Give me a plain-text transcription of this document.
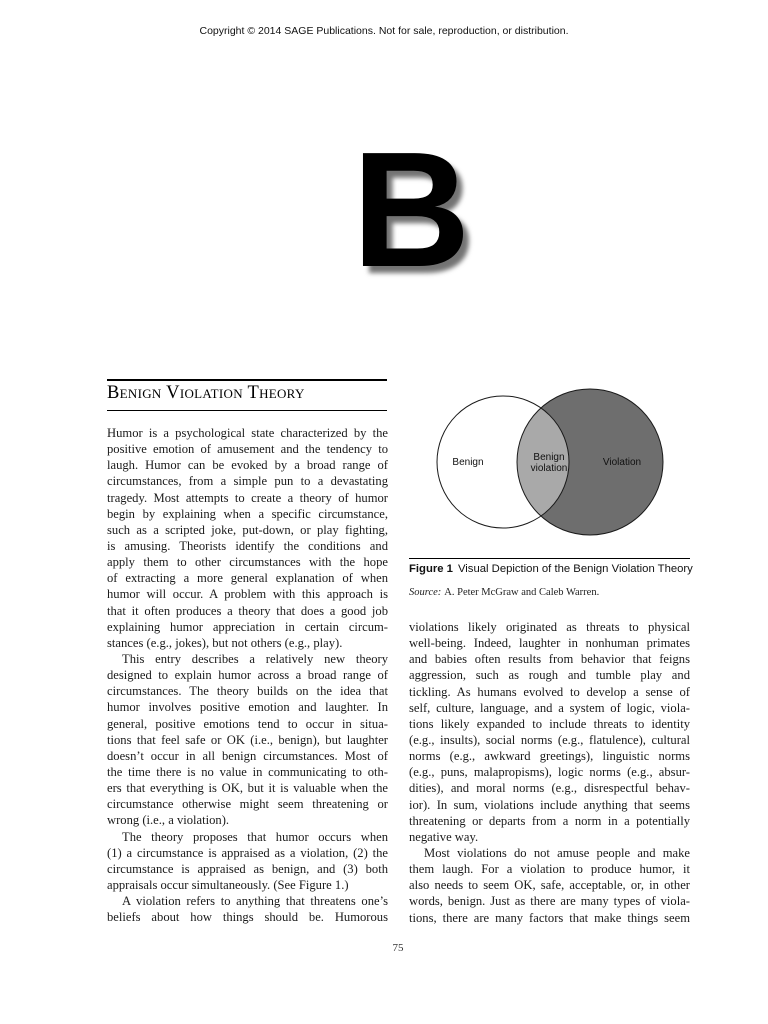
Copyright © 2014 SAGE Publications. Not for sale, reproduction, or distribution.
B
Benign Violation Theory
Humor is a psychological state characterized by the
positive emotion of amusement and the tendency to
laugh. Humor can be evoked by a broad range of
circumstances, from a simple pun to a devastating
tragedy. Most attempts to create a theory of humor
begin by explaining when a specific circumstance,
such as a scripted joke, put-down, or play fighting,
is amusing. Theorists identify the conditions and
apply them to other circumstances with the hope
of extracting a more general explanation of when
humor will occur. A problem with this approach is
that it often produces a theory that does a good job
explaining humor appreciation in certain circum-
stances (e.g., jokes), but not others (e.g., play).
This entry describes a relatively new theory
designed to explain humor across a broad range of
circumstances. The theory builds on the idea that
humor involves positive emotion and laughter. In
general, positive emotions tend to occur in situa-
tions that feel safe or OK (i.e., benign), but laughter
doesn’t occur in all benign circumstances. Most of
the time there is no value in communicating to oth-
ers that everything is OK, but it is valuable when the
circumstance otherwise might seem threatening or
wrong (i.e., a violation).
The theory proposes that humor occurs when
(1) a circumstance is appraised as a violation, (2) the
circumstance is appraised as benign, and (3) both
appraisals occur simultaneously. (See Figure 1.)
A violation refers to anything that threatens one’s
beliefs about how things should be. Humorous
Benign	Benign
violation
Violation
Figure 1 Visual Depiction of the Benign Violation Theory
Source: A. Peter McGraw and Caleb Warren.
violations likely originated as threats to physical
well-being. Indeed, laughter in nonhuman primates
and babies often results from behavior that feigns
aggression, such as rough and tumble play and
tickling. As humans evolved to develop a sense of
self, culture, language, and a system of logic, viola-
tions likely expanded to include threats to identity
(e.g., insults), social norms (e.g., flatulence), cultural
norms (e.g., awkward greetings), linguistic norms
(e.g., puns, malapropisms), logic norms (e.g., absur-
dities), and moral norms (e.g., disrespectful behav-
ior). In sum, violations include anything that seems
threatening or departs from a norm in a potentially
negative way.
Most violations do not amuse people and make
them laugh. For a violation to produce humor, it
also needs to seem OK, safe, acceptable, or, in other
words, benign. Just as there are many types of viola-
tions, there are many factors that make things seem
75
